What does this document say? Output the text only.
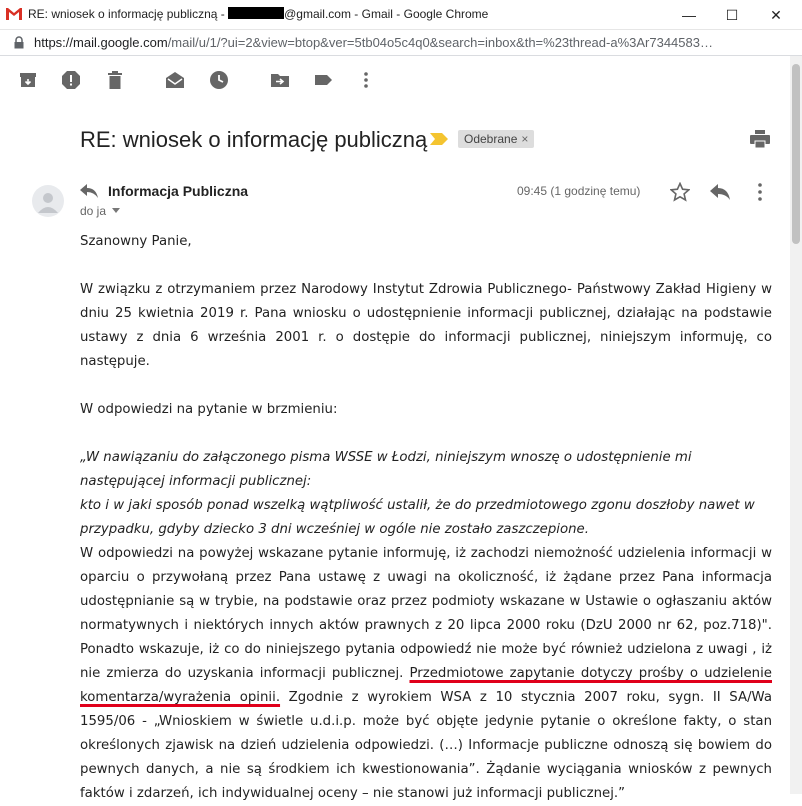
RE: wniosek o informację publiczną -	@gmail.com - Gmail - Google Chrome	—	☐	✕
https://mail.google.com/mail/u/1/?ui=2&view=btop&ver=5tb04o5c4q0&search=inbox&th=%23thread-a%3Ar7344583…
RE: wniosek o informację publiczną	Odebrane ×
Informacja Publiczna
do ja
09:45 (1 godzinę temu)

Szanowny Panie,

W związku z otrzymaniem przez Narodowy Instytut Zdrowia Publicznego- Państwowy Zakład Higieny w dniu 25 kwietnia 2019 r. Pana wniosku o udostępnienie informacji publicznej, działając na podstawie ustawy z dnia 6 września 2001 r. o dostępie do informacji publicznej, niniejszym informuję, co następuje.

W odpowiedzi na pytanie w brzmieniu:

„W nawiązaniu do załączonego pisma WSSE w Łodzi, niniejszym wnoszę o udostępnienie mi następującej informacji publicznej:

kto i w jaki sposób ponad wszelką wątpliwość ustalił, że do przedmiotowego zgonu doszłoby nawet w przypadku, gdyby dziecko 3 dni wcześniej w ogóle nie zostało zaszczepione.

W odpowiedzi na powyżej wskazane pytanie informuję, iż zachodzi niemożność udzielenia informacji w oparciu o przywołaną przez Pana ustawę z uwagi na okoliczność, iż żądane przez Pana informacja udostępnianie są w trybie, na podstawie oraz przez podmioty wskazane w Ustawie o ogłaszaniu aktów normatywnych i niektórych innych aktów prawnych z 20 lipca 2000 roku (DzU 2000 nr 62, poz.718)". Ponadto wskazuje, iż co do niniejszego pytania odpowiedź nie może być również udzielona z uwagi , iż nie zmierza do uzyskania informacji publicznej. Przedmiotowe zapytanie dotyczy prośby o udzielenie komentarza/wyrażenia opinii. Zgodnie z wyrokiem WSA z 10 stycznia 2007 roku, sygn. II SA/Wa 1595/06 - „Wnioskiem w świetle u.d.i.p. może być objęte jedynie pytanie o określone fakty, o stan określonych zjawisk na dzień udzielenia odpowiedzi. (…) Informacje publiczne odnoszą się bowiem do pewnych danych, a nie są środkiem ich kwestionowania”. Żądanie wyciągania wniosków z pewnych faktów i zdarzeń, ich indywidualnej oceny – nie stanowi już informacji publicznej.”
